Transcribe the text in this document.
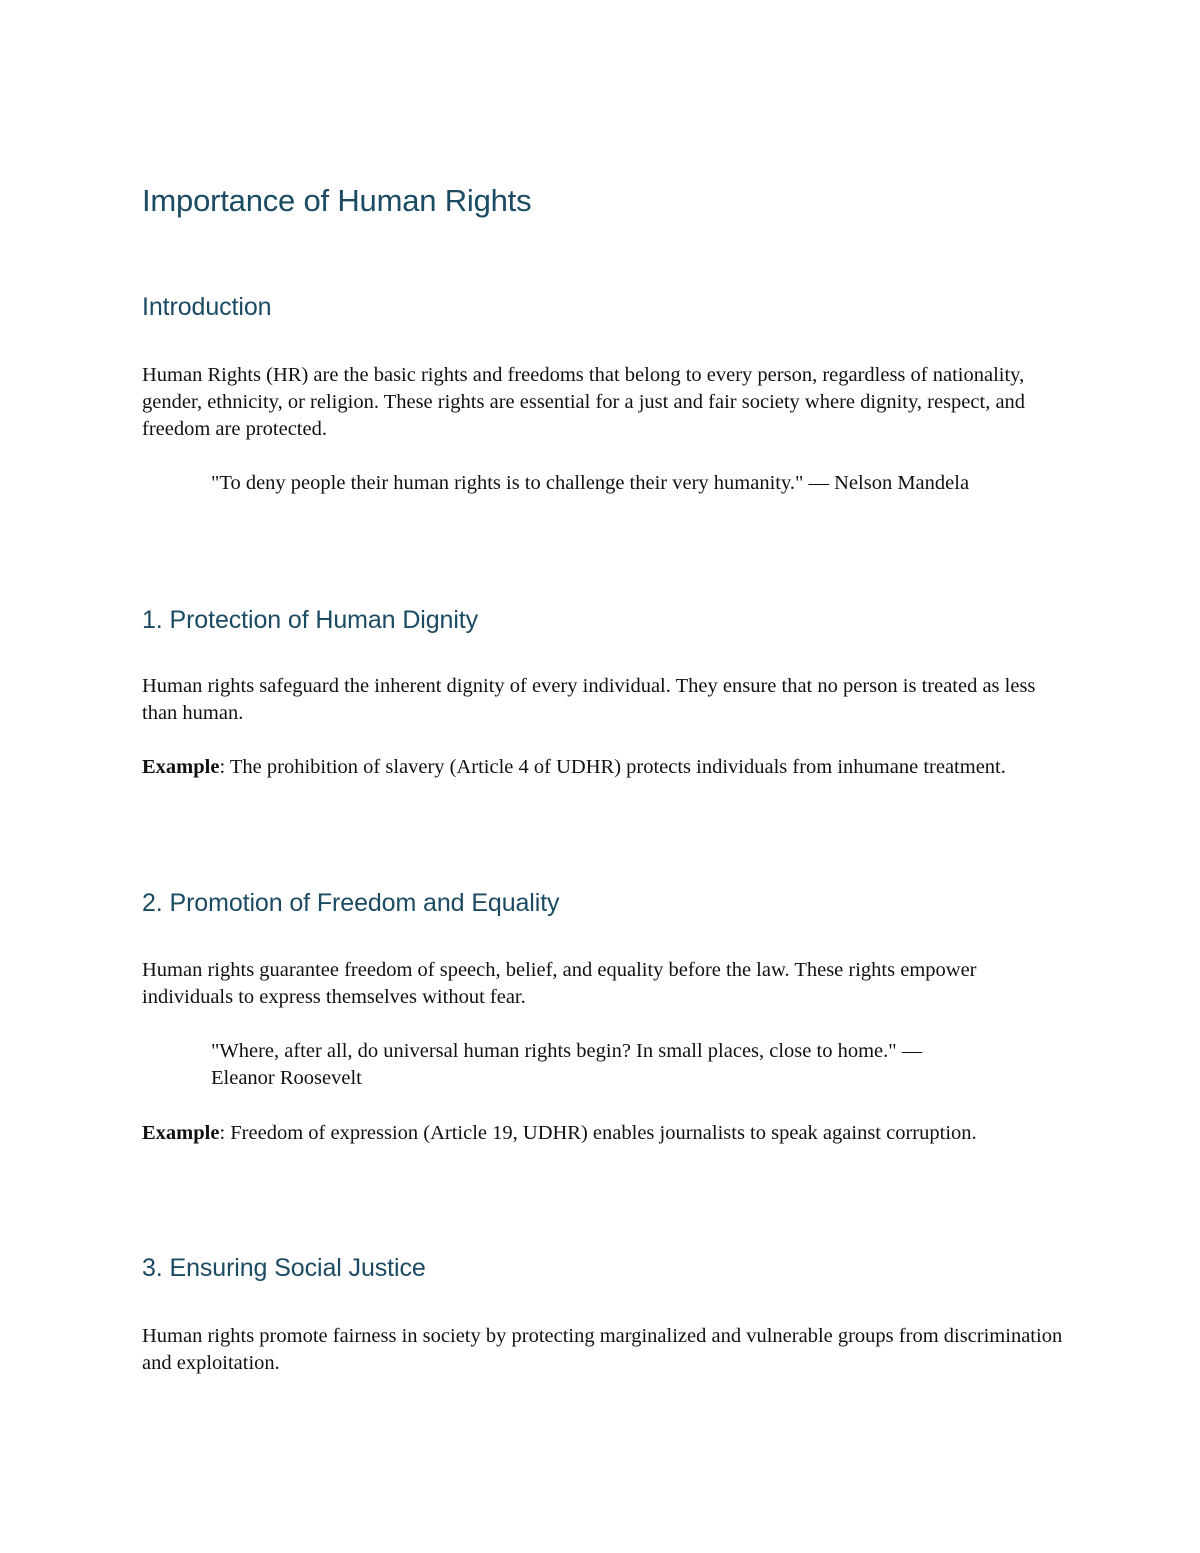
Importance of Human Rights
Introduction

Human Rights (HR) are the basic rights and freedoms that belong to every person, regardless of nationality, gender, ethnicity, or religion. These rights are essential for a just and fair society where dignity, respect, and freedom are protected.

"To deny people their human rights is to challenge their very humanity." — Nelson Mandela

1. Protection of Human Dignity

Human rights safeguard the inherent dignity of every individual. They ensure that no person is treated as less than human.

Example: The prohibition of slavery (Article 4 of UDHR) protects individuals from inhumane treatment.

2. Promotion of Freedom and Equality

Human rights guarantee freedom of speech, belief, and equality before the law. These rights empower individuals to express themselves without fear.

"Where, after all, do universal human rights begin? In small places, close to home." — Eleanor Roosevelt

Example: Freedom of expression (Article 19, UDHR) enables journalists to speak against corruption.

3. Ensuring Social Justice

Human rights promote fairness in society by protecting marginalized and vulnerable groups from discrimination and exploitation.
